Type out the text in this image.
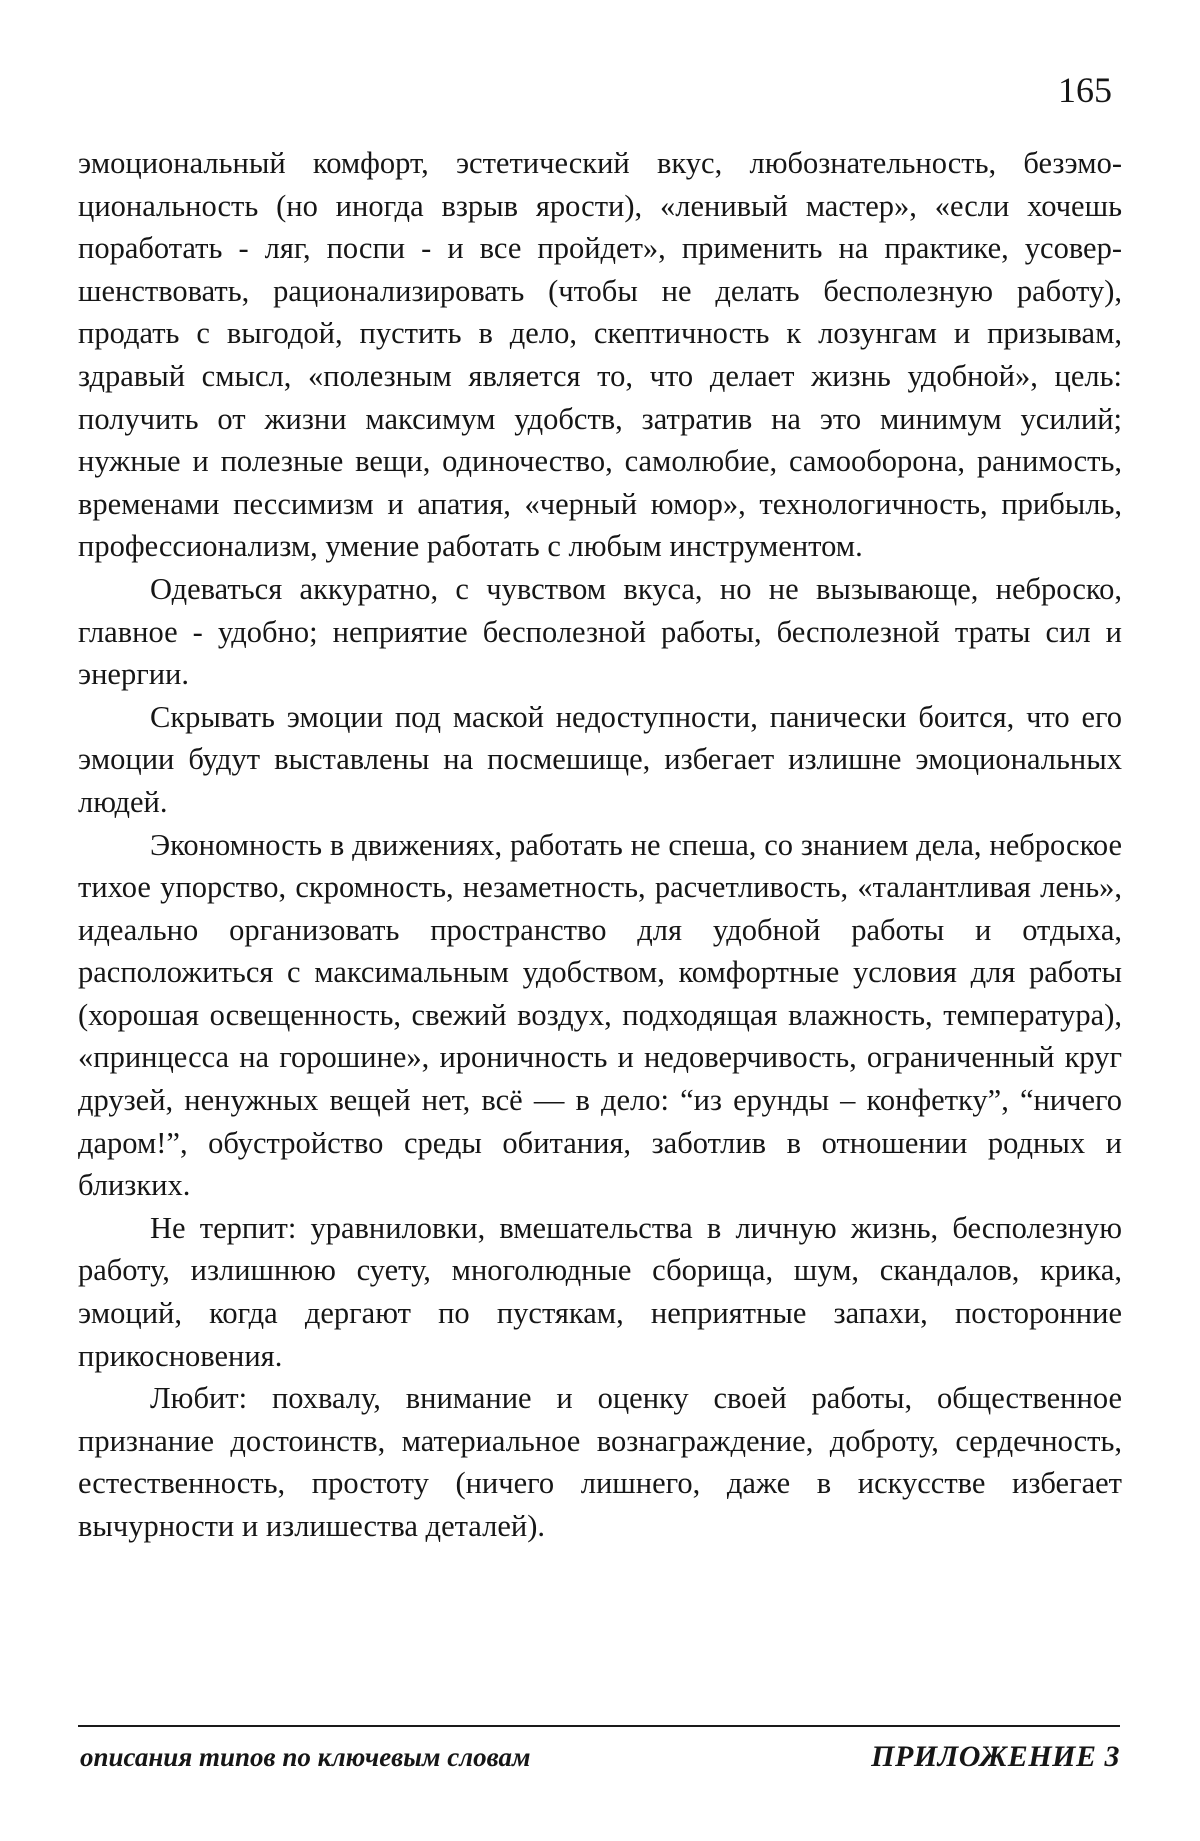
165

эмоциональный комфорт, эстетический вкус, любознательность, безэмоциональность (но иногда взрыв ярости), «ленивый мастер», «если хочешь поработать - ляг, поспи - и все пройдет», применить на практике, усовершенствовать, рационализировать (чтобы не делать бесполезную работу), продать с выгодой, пустить в дело, скептичность к лозунгам и призывам, здравый смысл, «полезным является то, что делает жизнь удобной», цель: получить от жизни максимум удобств, затратив на это минимум усилий; нужные и полезные вещи, одиночество, самолюбие, самооборона, ранимость, временами пессимизм и апатия, «черный юмор», технологичность, прибыль, профессионализм, умение работать с любым инструментом.

Одеваться аккуратно, с чувством вкуса, но не вызывающе, неброско, главное - удобно; неприятие бесполезной работы, бесполезной траты сил и энергии.

Скрывать эмоции под маской недоступности, панически боится, что его эмоции будут выставлены на посмешище, избегает излишне эмоциональных людей.

Экономность в движениях, работать не спеша, со знанием дела, неброское тихое упорство, скромность, незаметность, расчетливость, «талантливая лень», идеально организовать пространство для удобной работы и отдыха, расположиться с максимальным удобством, комфортные условия для работы (хорошая освещенность, свежий воздух, подходящая влажность, температура), «принцесса на горошине», ироничность и недоверчивость, ограниченный круг друзей, ненужных вещей нет, всё — в дело: “из ерунды – конфетку”, “ничего даром!”, обустройство среды обитания, заботлив в отношении родных и близких.

Не терпит: уравниловки, вмешательства в личную жизнь, бесполезную работу, излишнюю суету, многолюдные сборища, шум, скандалов, крика, эмоций, когда дергают по пустякам, неприятные запахи, посторонние прикосновения.

Любит: похвалу, внимание и оценку своей работы, общественное признание достоинств, материальное вознаграждение, доброту, сердечность, естественность, простоту (ничего лишнего, даже в искусстве избегает вычурности и излишества деталей).

описания типов по ключевым словам	ПРИЛОЖЕНИЕ 3
